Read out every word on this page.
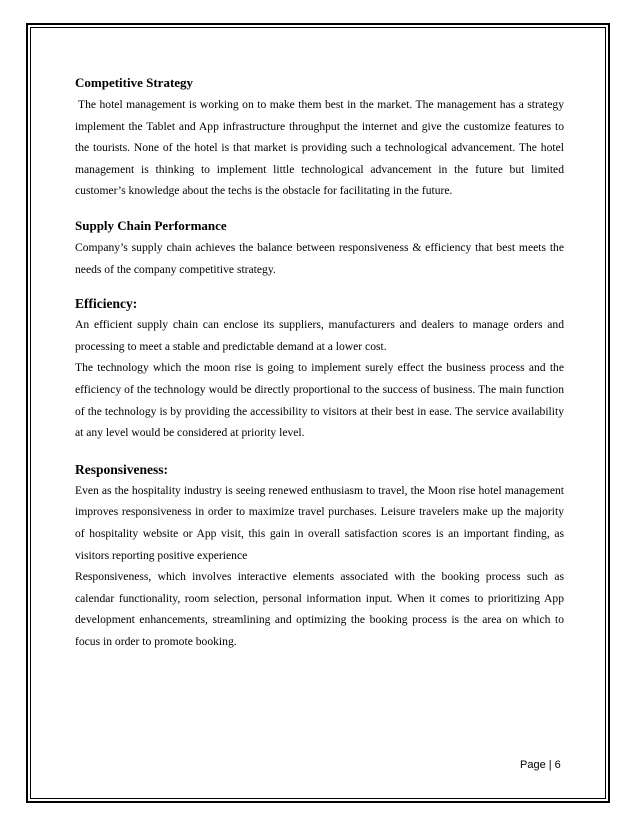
Competitive Strategy

The hotel management is working on to make them best in the market. The management has a strategy implement the Tablet and App infrastructure throughput the internet and give the customize features to the tourists. None of the hotel is that market is providing such a technological advancement. The hotel management is thinking to implement little technological advancement in the future but limited customer’s knowledge about the techs is the obstacle for facilitating in the future.

Supply Chain Performance

Company’s supply chain achieves the balance between responsiveness & efficiency that best meets the needs of the company competitive strategy.

Efficiency:

An efficient supply chain can enclose its suppliers, manufacturers and dealers to manage orders and processing to meet a stable and predictable demand at a lower cost.

The technology which the moon rise is going to implement surely effect the business process and the efficiency of the technology would be directly proportional to the success of business. The main function of the technology is by providing the accessibility to visitors at their best in ease. The service availability at any level would be considered at priority level.

Responsiveness:

Even as the hospitality industry is seeing renewed enthusiasm to travel, the Moon rise hotel management improves responsiveness in order to maximize travel purchases. Leisure travelers make up the majority of hospitality website or App visit, this gain in overall satisfaction scores is an important finding, as visitors reporting positive experience

Responsiveness, which involves interactive elements associated with the booking process such as calendar functionality, room selection, personal information input. When it comes to prioritizing App development enhancements, streamlining and optimizing the booking process is the area on which to focus in order to promote booking.

Page | 6
